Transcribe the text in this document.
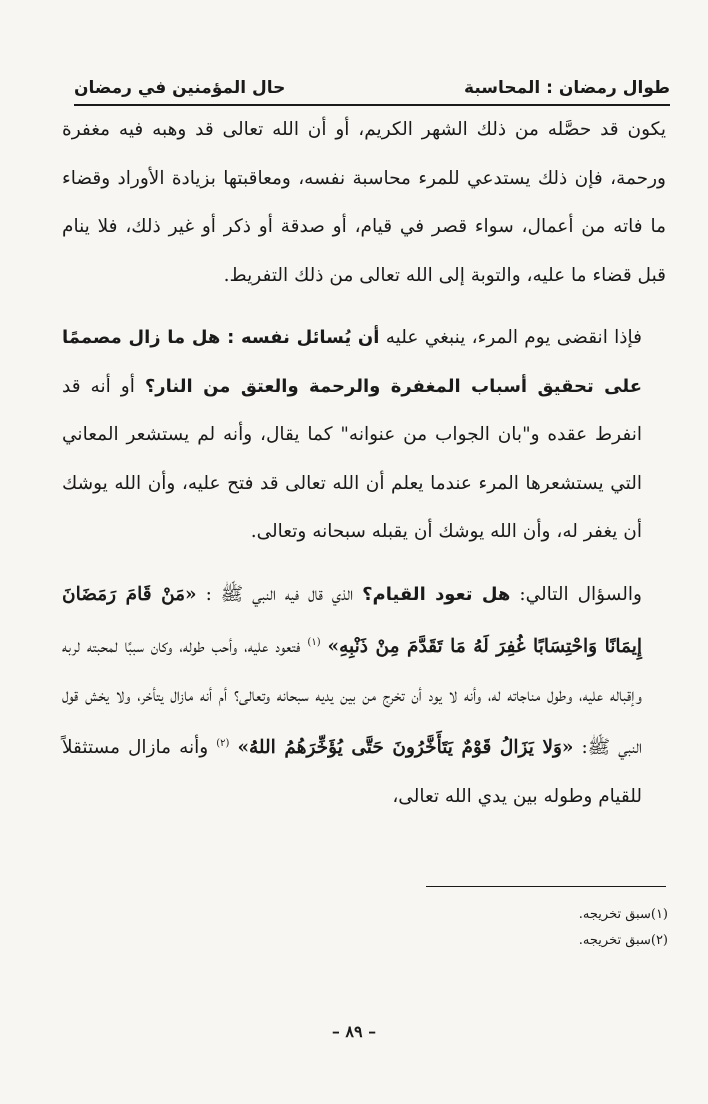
طوال رمضان : المحاسبة
حال المؤمنين في رمضان

يكون قد حصَّله من ذلك الشهر الكريم، أو أن الله تعالى قد وهبه فيه مغفرة ورحمة، فإن ذلك يستدعي للمرء محاسبة نفسه، ومعاقبتها بزيادة الأوراد وقضاء ما فاته من أعمال، سواء قصر في قيام، أو صدقة أو ذكر أو غير ذلك، فلا ينام قبل قضاء ما عليه، والتوبة إلى الله تعالى من ذلك التفريط.

فإذا انقضى يوم المرء، ينبغي عليه أن يُسائل نفسه : هل ما زال مصممًا على تحقيق أسباب المغفرة والرحمة والعتق من النار؟ أو أنه قد انفرط عقده و"بان الجواب من عنوانه" كما يقال، وأنه لم يستشعر المعاني التي يستشعرها المرء عندما يعلم أن الله تعالى قد فتح عليه، وأن الله يوشك أن يغفر له، وأن الله يوشك أن يقبله سبحانه وتعالى.

والسؤال التالي: هل تعود القيام؟ الذي قال فيه النبي ﷺ : «مَنْ قَامَ رَمَضَانَ إِيمَانًا وَاحْتِسَابًا غُفِرَ لَهُ مَا تَقَدَّمَ مِنْ ذَنْبِهِ» $^{(١)}$ فتعود عليه، وأحب طوله، وكان سببًا لمحبته لربه وإقباله عليه، وطول مناجاته له، وأنه لا يود أن تخرج من بين يديه سبحانه وتعالى؟ أم أنه مازال يتأخر، ولا يخش قول النبي ﷺ: «وَلا يَزَالُ قَوْمٌ يَتَأَخَّرُونَ حَتَّى يُؤَخِّرَهُمُ اللهُ» $^{(٢)}$ وأنه مازال مستثقلاً للقيام وطوله بين يدي الله تعالى،

(١)سبق تخريجه.
(٢)سبق تخريجه.
– ٨٩ –
